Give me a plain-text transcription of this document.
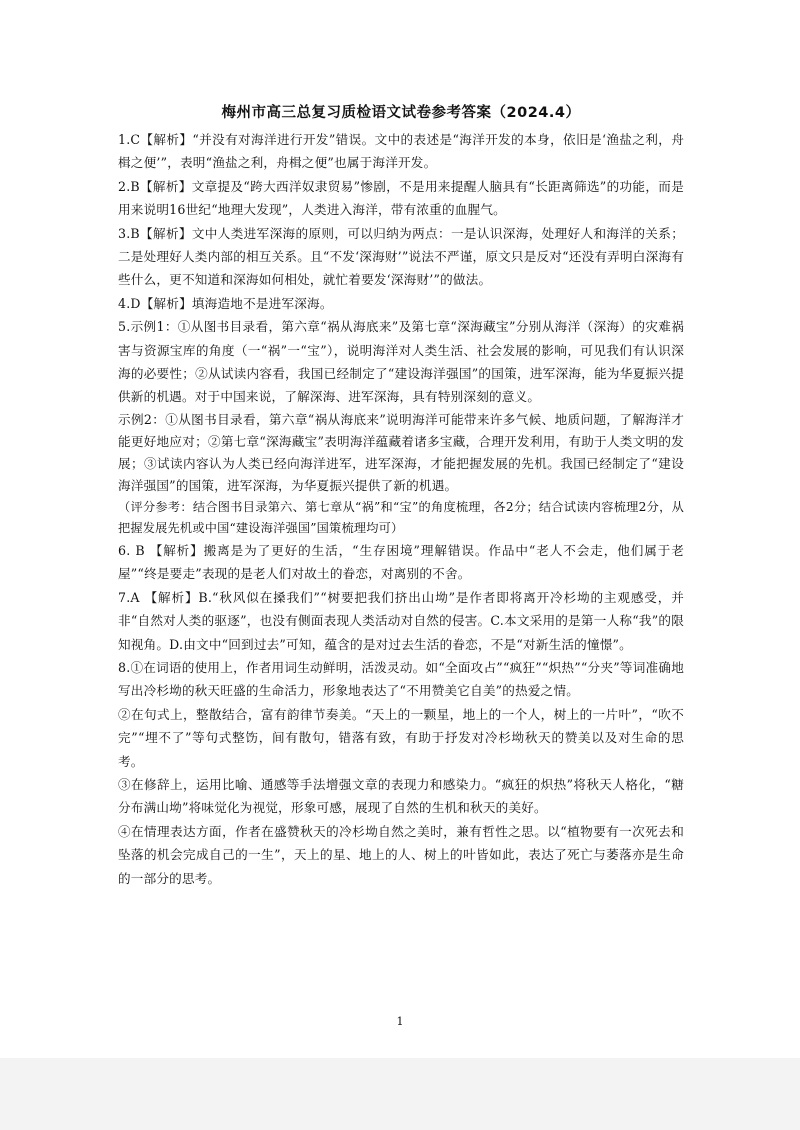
梅州市高三总复习质检语文试卷参考答案（2024.4）

1.C【解析】“并没有对海洋进行开发”错误。文中的表述是“海洋开发的本身，依旧是‘渔盐之利，舟楫之便’”，表明“渔盐之利，舟楫之便”也属于海洋开发。

2.B【解析】文章提及“跨大西洋奴隶贸易”惨剧，不是用来提醒人脑具有“长距离筛选”的功能，而是用来说明16世纪“地理大发现”，人类进入海洋，带有浓重的血腥气。

3.B【解析】文中人类进军深海的原则，可以归纳为两点：一是认识深海，处理好人和海洋的关系；二是处理好人类内部的相互关系。且“不发‘深海财’”说法不严谨，原文只是反对“还没有弄明白深海有些什么，更不知道和深海如何相处，就忙着要发‘深海财’”的做法。

4.D【解析】填海造地不是进军深海。

5.示例1：①从图书目录看，第六章“祸从海底来”及第七章“深海藏宝”分别从海洋（深海）的灾难祸害与资源宝库的角度（一“祸”一“宝”），说明海洋对人类生活、社会发展的影响，可见我们有认识深海的必要性；②从试读内容看，我国已经制定了“建设海洋强国”的国策，进军深海，能为华夏振兴提供新的机遇。对于中国来说，了解深海、进军深海，具有特别深刻的意义。

示例2：①从图书目录看，第六章“祸从海底来”说明海洋可能带来许多气候、地质问题，了解海洋才能更好地应对；②第七章“深海藏宝”表明海洋蕴藏着诸多宝藏，合理开发利用，有助于人类文明的发展；③试读内容认为人类已经向海洋进军，进军深海，才能把握发展的先机。我国已经制定了“建设海洋强国”的国策，进军深海，为华夏振兴提供了新的机遇。

（评分参考：结合图书目录第六、第七章从“祸”和“宝”的角度梳理，各2分；结合试读内容梳理2分，从把握发展先机或中国“建设海洋强国”国策梳理均可）

6. B 【解析】搬离是为了更好的生活，“生存困境”理解错误。作品中“老人不会走，他们属于老屋”“终是要走”表现的是老人们对故土的眷恋，对离别的不舍。

7.A 【解析】B.“秋风似在搡我们”“树要把我们挤出山坳”是作者即将离开冷杉坳的主观感受，并非“自然对人类的驱逐”，也没有侧面表现人类活动对自然的侵害。C.本文采用的是第一人称“我”的限知视角。D.由文中“回到过去”可知，蕴含的是对过去生活的眷恋，不是“对新生活的憧憬”。

8.①在词语的使用上，作者用词生动鲜明，活泼灵动。如“全面攻占”“疯狂”“炽热”“分夹”等词准确地写出冷杉坳的秋天旺盛的生命活力，形象地表达了“不用赞美它自美”的热爱之情。

②在句式上，整散结合，富有韵律节奏美。“天上的一颗星，地上的一个人，树上的一片叶”，“吹不完”“埋不了”等句式整饬，间有散句，错落有致，有助于抒发对冷杉坳秋天的赞美以及对生命的思考。

③在修辞上，运用比喻、通感等手法增强文章的表现力和感染力。“疯狂的炽热”将秋天人格化，“糖分布满山坳”将味觉化为视觉，形象可感，展现了自然的生机和秋天的美好。

④在情理表达方面，作者在盛赞秋天的冷杉坳自然之美时，兼有哲性之思。以“植物要有一次死去和坠落的机会完成自己的一生”，天上的星、地上的人、树上的叶皆如此，表达了死亡与萎落亦是生命的一部分的思考。

1
